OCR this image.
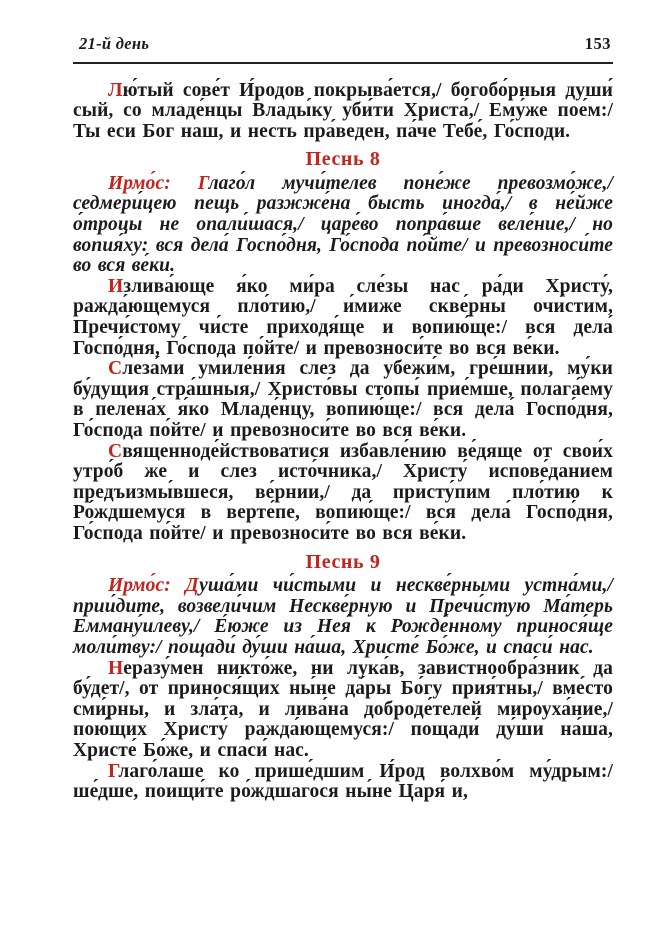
21-й день	153

Лю́тый сове́т И́родов покрыва́ется,/ богобо́рныя души́ сый, со младе́нцы Влады́ку уби́ти Христа́,/ Ему́же пое́м:/ Ты еси Бог наш, и несть пра́веден, па́че Тебе́, Го́споди.

Песнь 8

Ирмо́с: Глаго́л мучи́телев поне́же превозмо́же,/ седмери́цею пещь разжже́на бысть иногда́,/ в не́йже о́троцы не опали́шася,/ царе́во попра́вше веле́ние,/ но вопия́ху: вся дела́ Госпо́дня, Го́спода по́йте/ и превозноси́те во вся ве́ки.

Излива́юще я́ко ми́ра сле́зы нас ра́ди Христу́, ражда́ющемуся пло́тию,/ и́миже скве́рны очи́стим, Пречи́стому чи́сте приходя́ще и вопию́ще:/ вся дела́ Госпо́дня, Го́спода по́йте/ и превозноси́те во вся ве́ки.

Слеза́ми умиле́ния слез да убежи́м, гре́шнии, му́ки бу́дущия стра́шныя,/ Христо́вы стопы́ прие́мше, полага́ему в пелена́х я́ко Младе́нцу, вопию́ще:/ вся дела́ Госпо́дня, Го́спода по́йте/ и превозноси́те во вся ве́ки.

Священноде́йствоватися избавле́нию ве́дяще от свои́х утро́б же и слез исто́чника,/ Христу́ испове́данием предъизмы́вшеся, ве́рнии,/ да присту́пим пло́тию к Ро́ждшемуся в верте́пе, вопию́ще:/ вся дела́ Госпо́дня, Го́спода по́йте/ и превозноси́те во вся ве́ки.

Песнь 9

Ирмо́с: Душа́ми чи́стыми и нескве́рными устна́ми,/ прии́дите, возвели́чим Нескве́рную и Пречи́стую Ма́терь Емману́илеву,/ Е́юже из Нея́ к Рожде́нному принося́ще моли́тву:/ пощади́ ду́ши на́ша, Христе́ Бо́же, и спаси́ нас.

Неразу́мен никто́же, ни лука́в, завистнообра́зник да бу́дет/, от принося́щих ны́не да́ры Бо́гу прия́тны,/ вме́сто сми́рны, и зла́та, и лива́на доброде́телей мироуха́ние,/ пою́щих Христу́ ражда́ющемуся:/ пощади́ ду́ши на́ша, Христе́ Бо́же, и спаси́ нас.

Глаго́лаше ко прише́дшим И́род волхво́м му́дрым:/ ше́дше, поищи́те ро́ждшагося ны́не Царя́ и,
